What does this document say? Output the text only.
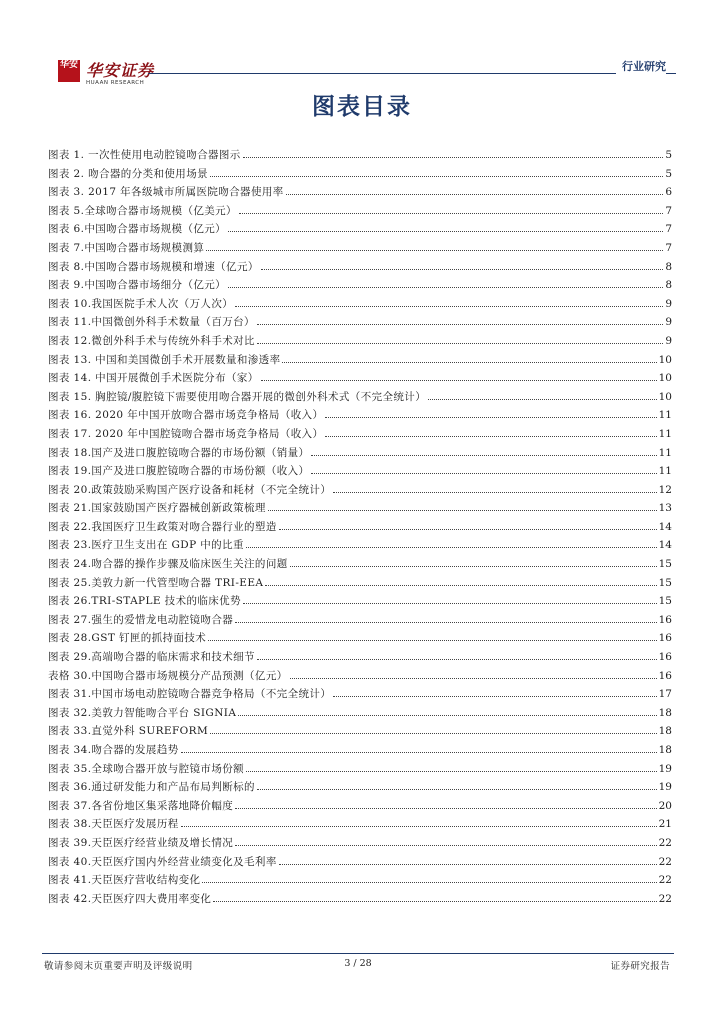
华安 华安证券
HUAAN RESEARCH
行业研究
图表目录
图表 1. 一次性使用电动腔镜吻合器图示	5
图表 2. 吻合器的分类和使用场景	5
图表 3. 2017 年各级城市所属医院吻合器使用率	6
图表 5.全球吻合器市场规模（亿美元）	7
图表 6.中国吻合器市场规模（亿元）	7
图表 7.中国吻合器市场规模测算	7
图表 8.中国吻合器市场规模和增速（亿元）	8
图表 9.中国吻合器市场细分（亿元）	8
图表 10.我国医院手术人次（万人次）	9
图表 11.中国微创外科手术数量（百万台）	9
图表 12.微创外科手术与传统外科手术对比	9
图表 13. 中国和美国微创手术开展数量和渗透率	10
图表 14. 中国开展微创手术医院分布（家）	10
图表 15. 胸腔镜/腹腔镜下需要使用吻合器开展的微创外科术式（不完全统计）	10
图表 16. 2020 年中国开放吻合器市场竞争格局（收入）	11
图表 17. 2020 年中国腔镜吻合器市场竞争格局（收入）	11
图表 18.国产及进口腹腔镜吻合器的市场份额（销量）	11
图表 19.国产及进口腹腔镜吻合器的市场份额（收入）	11
图表 20.政策鼓励采购国产医疗设备和耗材（不完全统计）	12
图表 21.国家鼓励国产医疗器械创新政策梳理	13
图表 22.我国医疗卫生政策对吻合器行业的塑造	14
图表 23.医疗卫生支出在 GDP 中的比重	14
图表 24.吻合器的操作步骤及临床医生关注的问题	15
图表 25.美敦力新一代管型吻合器 TRI-EEA	15
图表 26.TRI-STAPLE 技术的临床优势	15
图表 27.强生的爱惜龙电动腔镜吻合器	16
图表 28.GST 钉匣的抓持面技术	16
图表 29.高端吻合器的临床需求和技术细节	16
表格 30.中国吻合器市场规模分产品预测（亿元）	16
图表 31.中国市场电动腔镜吻合器竞争格局（不完全统计）	17
图表 32.美敦力智能吻合平台 SIGNIA	18
图表 33.直觉外科 SUREFORM	18
图表 34.吻合器的发展趋势	18
图表 35.全球吻合器开放与腔镜市场份额	19
图表 36.通过研发能力和产品布局判断标的	19
图表 37.各省份地区集采落地降价幅度	20
图表 38.天臣医疗发展历程	21
图表 39.天臣医疗经营业绩及增长情况	22
图表 40.天臣医疗国内外经营业绩变化及毛利率	22
图表 41.天臣医疗营收结构变化	22
图表 42.天臣医疗四大费用率变化	22
敬请参阅末页重要声明及评级说明	3 / 28	证券研究报告
